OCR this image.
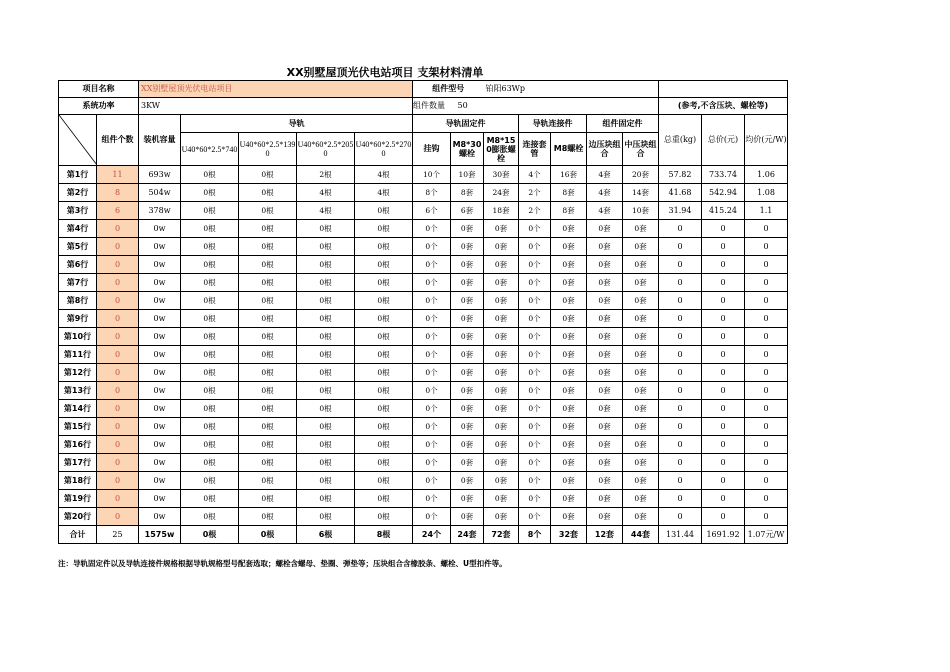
XX别墅屋顶光伏电站项目 支架材料清单
项目名称		XX别墅屋顶光伏电站项目					组件型号		铂阳63Wp							
系统功率		3KW					组件数量 50							(参考,不含压块、螺栓等)		

	组件个数	装机容量	导轨				导轨固定件			导轨连接件		组件固定件		总重(kg)	总价(元)	均价(元/W)
			U40*60*2.5*740	U40*60*2.5*1390	U40*60*2.5*2050	U40*60*2.5*2700	挂钩	M8*30螺栓	M8*150膨胀螺栓	连接套管	M8螺栓	边压块组合	中压块组合			
第1行	11	693w	0根	0根	2根	4根	10个	10套	30套	4个	16套	4套	20套	57.82	733.74	1.06
第2行	8	504w	0根	0根	4根	4根	8个	8套	24套	2个	8套	4套	14套	41.68	542.94	1.08
第3行	6	378w	0根	0根	4根	0根	6个	6套	18套	2个	8套	4套	10套	31.94	415.24	1.1
第4行	0	0w	0根	0根	0根	0根	0个	0套	0套	0个	0套	0套	0套	0	0	0
第5行	0	0w	0根	0根	0根	0根	0个	0套	0套	0个	0套	0套	0套	0	0	0
第6行	0	0w	0根	0根	0根	0根	0个	0套	0套	0个	0套	0套	0套	0	0	0
第7行	0	0w	0根	0根	0根	0根	0个	0套	0套	0个	0套	0套	0套	0	0	0
第8行	0	0w	0根	0根	0根	0根	0个	0套	0套	0个	0套	0套	0套	0	0	0
第9行	0	0w	0根	0根	0根	0根	0个	0套	0套	0个	0套	0套	0套	0	0	0
第10行	0	0w	0根	0根	0根	0根	0个	0套	0套	0个	0套	0套	0套	0	0	0
第11行	0	0w	0根	0根	0根	0根	0个	0套	0套	0个	0套	0套	0套	0	0	0
第12行	0	0w	0根	0根	0根	0根	0个	0套	0套	0个	0套	0套	0套	0	0	0
第13行	0	0w	0根	0根	0根	0根	0个	0套	0套	0个	0套	0套	0套	0	0	0
第14行	0	0w	0根	0根	0根	0根	0个	0套	0套	0个	0套	0套	0套	0	0	0
第15行	0	0w	0根	0根	0根	0根	0个	0套	0套	0个	0套	0套	0套	0	0	0
第16行	0	0w	0根	0根	0根	0根	0个	0套	0套	0个	0套	0套	0套	0	0	0
第17行	0	0w	0根	0根	0根	0根	0个	0套	0套	0个	0套	0套	0套	0	0	0
第18行	0	0w	0根	0根	0根	0根	0个	0套	0套	0个	0套	0套	0套	0	0	0
第19行	0	0w	0根	0根	0根	0根	0个	0套	0套	0个	0套	0套	0套	0	0	0
第20行	0	0w	0根	0根	0根	0根	0个	0套	0套	0个	0套	0套	0套	0	0	0
合计	25	1575w	0根	0根	6根	8根	24个	24套	72套	8个	32套	12套	44套	131.44	1691.92	1.07元/W
注：导轨固定件以及导轨连接件规格根据导轨规格型号配套选取；螺栓含螺母、垫圈、弹垫等；压块组合含橡胶条、螺栓、U型扣件等。
